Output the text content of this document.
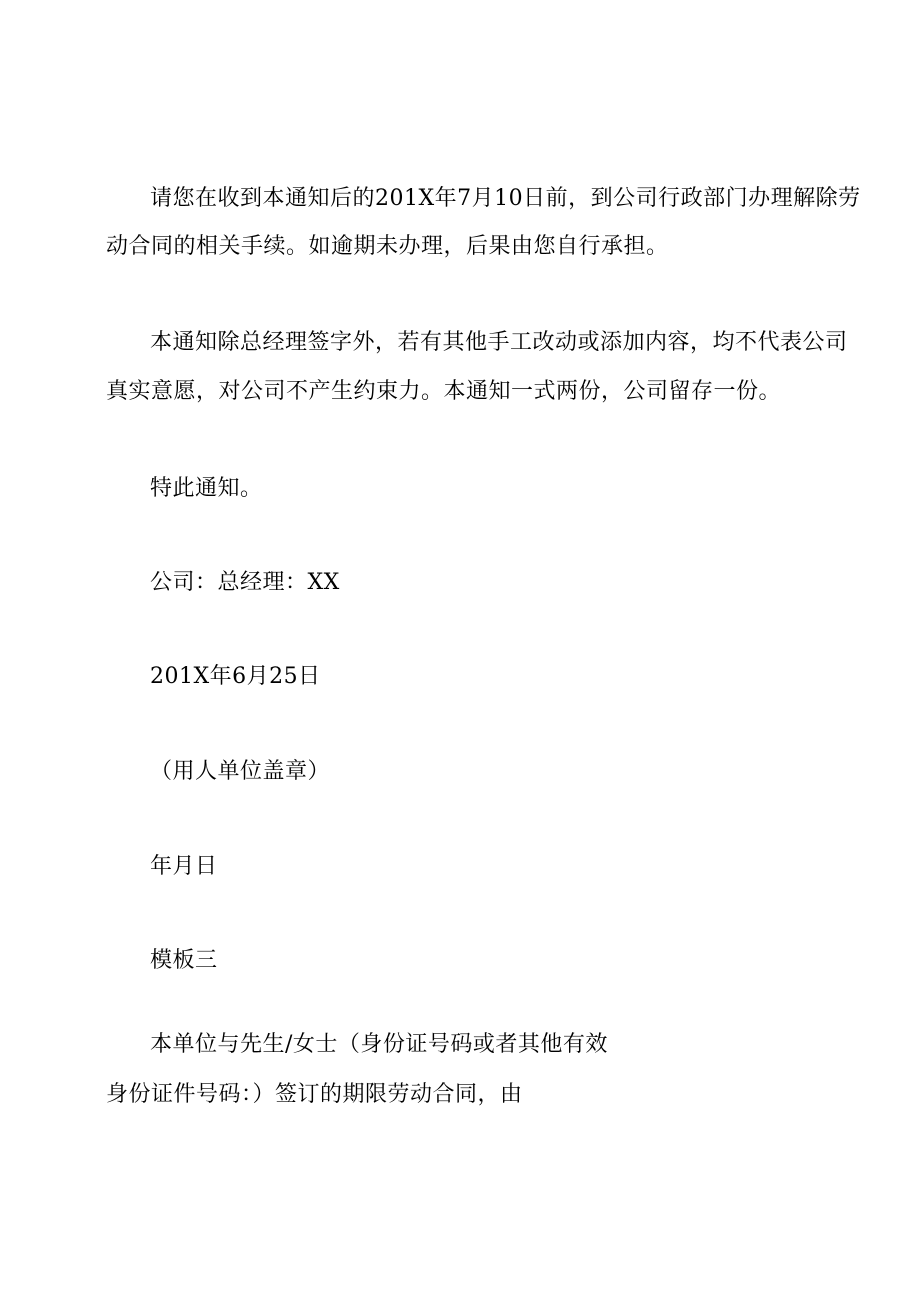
请您在收到本通知后的201X年7月10日前，到公司行政部门办理解除劳
动合同的相关手续。如逾期未办理，后果由您自行承担。
本通知除总经理签字外，若有其他手工改动或添加内容，均不代表公司
真实意愿，对公司不产生约束力。本通知一式两份，公司留存一份。
特此通知。
公司：总经理：XX
201X年6月25日
（用人单位盖章）
年月日
模板三
本单位与先生/女士（身份证号码或者其他有效
身份证件号码：）签订的期限劳动合同，由
